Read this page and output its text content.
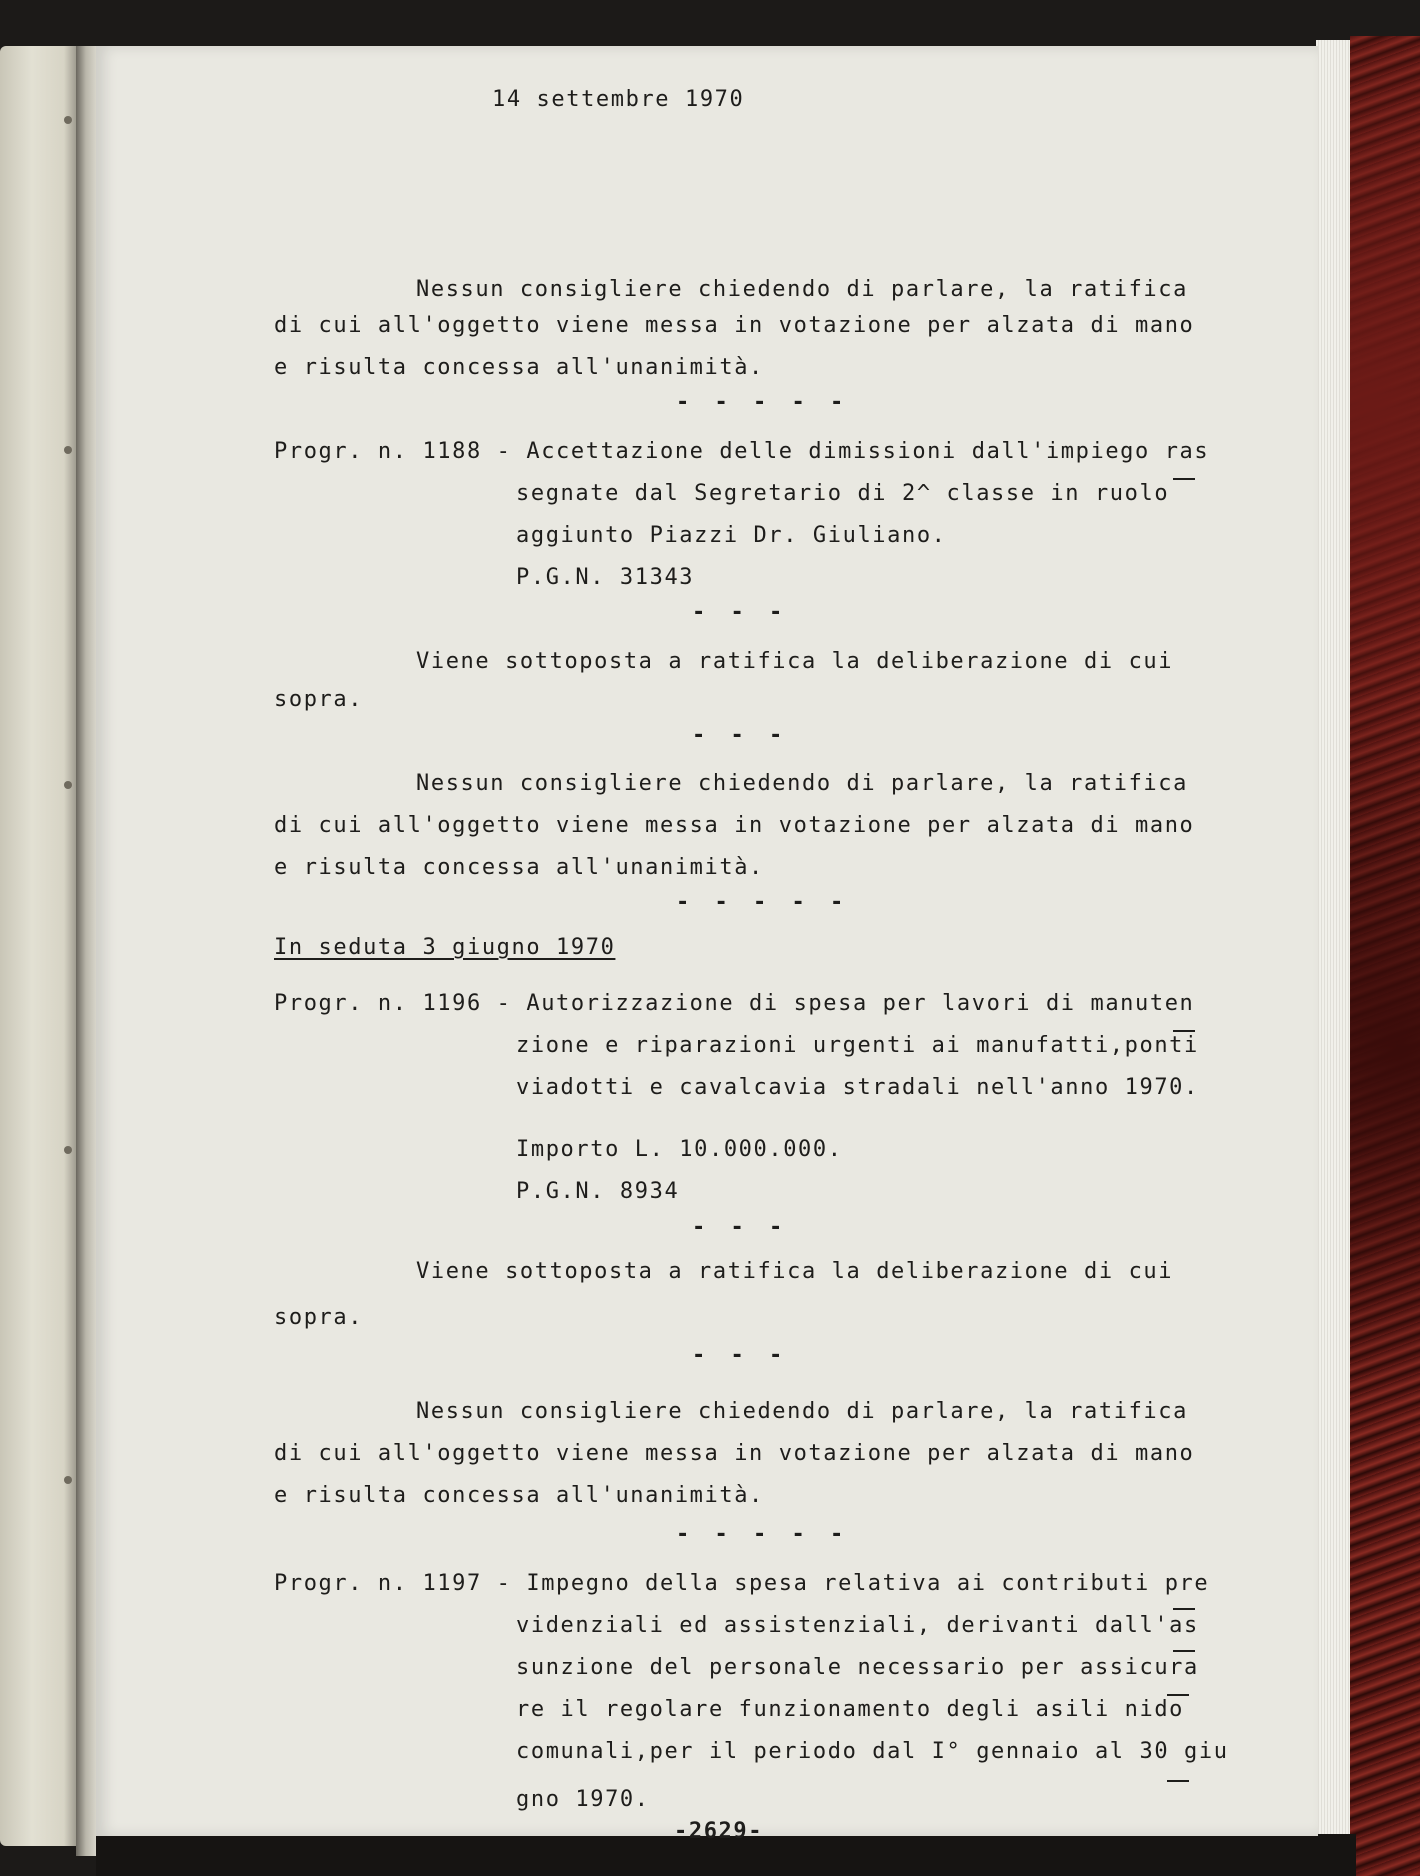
14 settembre 1970
Nessun consigliere chiedendo di parlare, la ratifica
di cui all'oggetto viene messa in votazione per alzata di mano
e risulta concessa all'unanimità.
- - - - -
Progr. n. 1188 - Accettazione delle dimissioni dall'impiego ras
segnate dal Segretario di 2^ classe in ruolo
aggiunto Piazzi Dr. Giuliano.
P.G.N. 31343
- - -
Viene sottoposta a ratifica la deliberazione di cui
sopra.
- - -
Nessun consigliere chiedendo di parlare, la ratifica
di cui all'oggetto viene messa in votazione per alzata di mano
e risulta concessa all'unanimità.
- - - - -
In seduta 3 giugno 1970
Progr. n. 1196 - Autorizzazione di spesa per lavori di manuten
zione e riparazioni urgenti ai manufatti,ponti
viadotti e cavalcavia stradali nell'anno 1970.
Importo L. 10.000.000.
P.G.N. 8934
- - -
Viene sottoposta a ratifica la deliberazione di cui
sopra.
- - -
Nessun consigliere chiedendo di parlare, la ratifica
di cui all'oggetto viene messa in votazione per alzata di mano
e risulta concessa all'unanimità.
- - - - -
Progr. n. 1197 - Impegno della spesa relativa ai contributi pre
videnziali ed assistenziali, derivanti dall'as
sunzione del personale necessario per assicura
re il regolare funzionamento degli asili nido
comunali,per il periodo dal I° gennaio al 30 giu
gno 1970.
-2629-
